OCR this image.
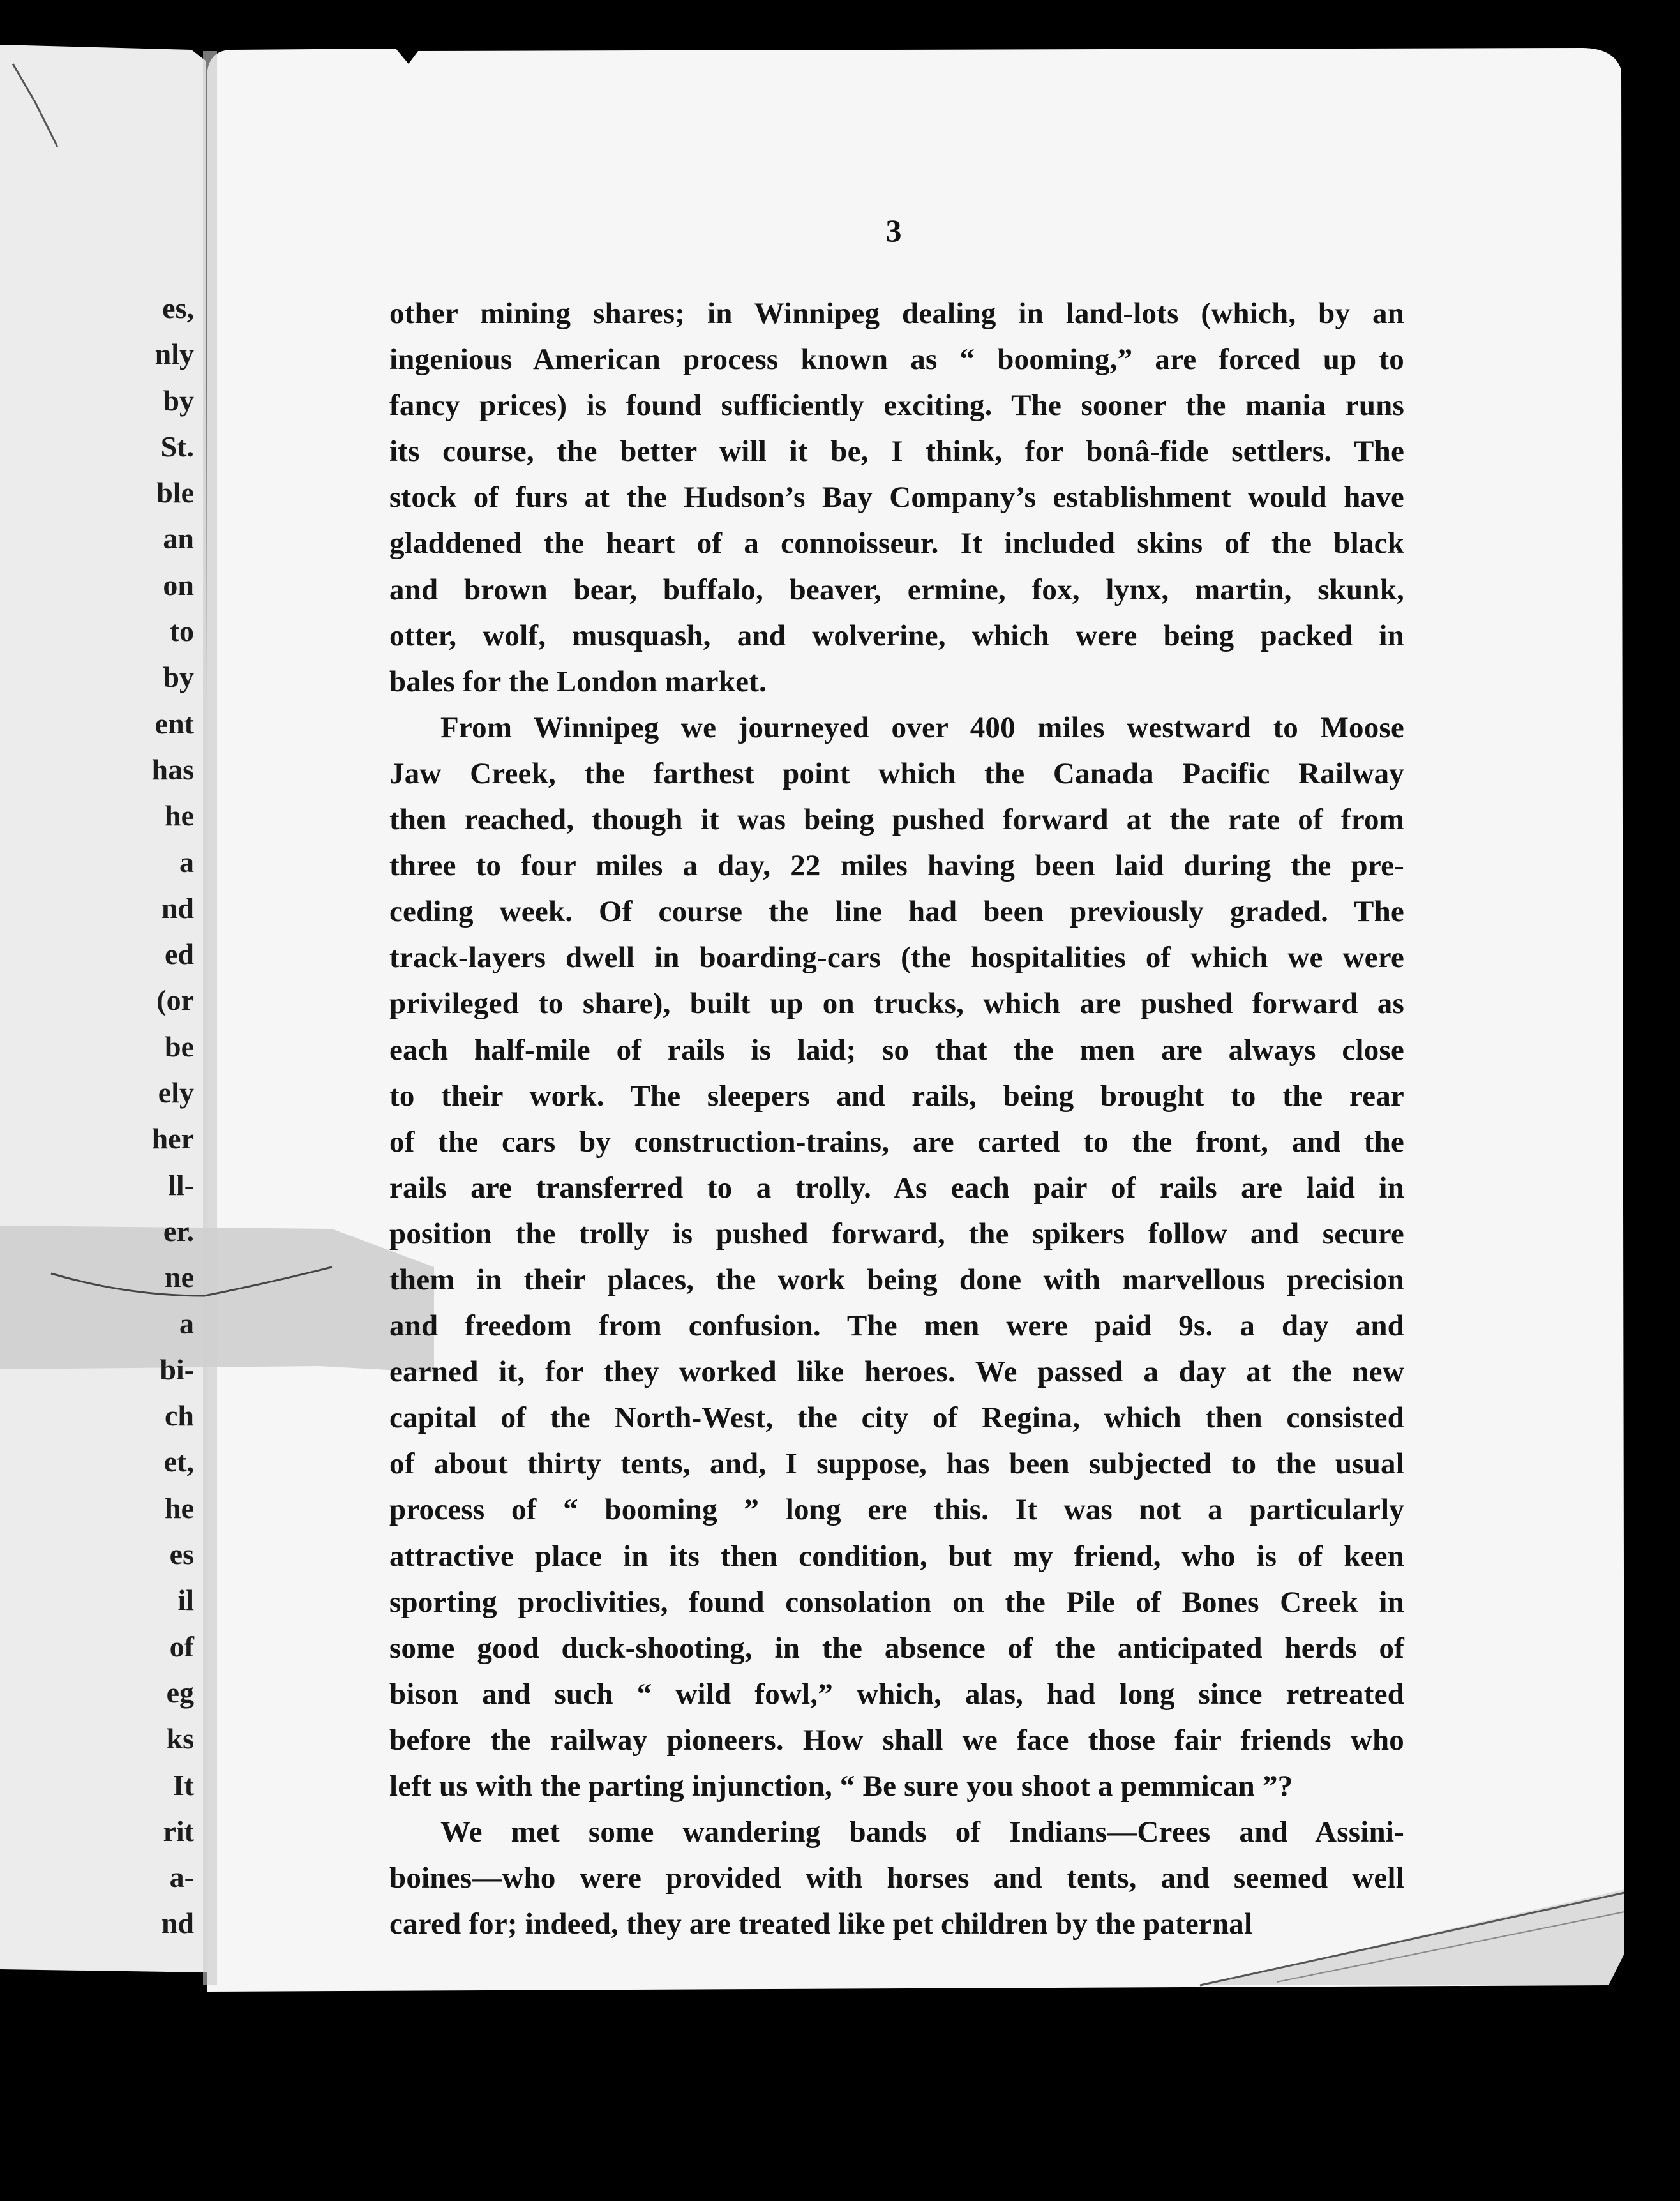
es,
nly
by
St.
ble
an
on
to
by
ent
has
he
a
nd
ed
(or
be
ely
her
ll-
er.
ne
a
bi-
ch
et,
he
es
il
of
eg
ks
It
rit
a-
nd
3

other mining shares; in Winnipeg dealing in land-lots (which, by an
ingenious American process known as “ booming,” are forced up to
fancy prices) is found sufficiently exciting. The sooner the mania runs
its course, the better will it be, I think, for bonâ-fide settlers. The
stock of furs at the Hudson’s Bay Company’s establishment would have
gladdened the heart of a connoisseur. It included skins of the black
and brown bear, buffalo, beaver, ermine, fox, lynx, martin, skunk,
otter, wolf, musquash, and wolverine, which were being packed in
bales for the London market.

From Winnipeg we journeyed over 400 miles westward to Moose
Jaw Creek, the farthest point which the Canada Pacific Railway
then reached, though it was being pushed forward at the rate of from
three to four miles a day, 22 miles having been laid during the pre-
ceding week. Of course the line had been previously graded. The
track-layers dwell in boarding-cars (the hospitalities of which we were
privileged to share), built up on trucks, which are pushed forward as
each half-mile of rails is laid; so that the men are always close
to their work. The sleepers and rails, being brought to the rear
of the cars by construction-trains, are carted to the front, and the
rails are transferred to a trolly. As each pair of rails are laid in
position the trolly is pushed forward, the spikers follow and secure
them in their places, the work being done with marvellous precision
and freedom from confusion. The men were paid 9s. a day and
earned it, for they worked like heroes. We passed a day at the new
capital of the North-West, the city of Regina, which then consisted
of about thirty tents, and, I suppose, has been subjected to the usual
process of “ booming ” long ere this. It was not a particularly
attractive place in its then condition, but my friend, who is of keen
sporting proclivities, found consolation on the Pile of Bones Creek in
some good duck-shooting, in the absence of the anticipated herds of
bison and such “ wild fowl,” which, alas, had long since retreated
before the railway pioneers. How shall we face those fair friends who
left us with the parting injunction, “ Be sure you shoot a pemmican ”?

We met some wandering bands of Indians—Crees and Assini-
boines—who were provided with horses and tents, and seemed well
cared for; indeed, they are treated like pet children by the paternal
